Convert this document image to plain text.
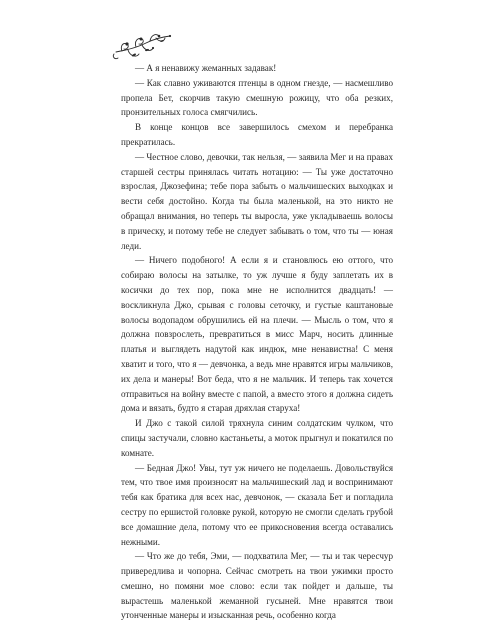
— А я ненавижу жеманных задавак!

— Как славно уживаются птенцы в одном гнезде, — насмешливо пропела Бет, скорчив такую смешную рожицу, что оба резких, пронзительных голоса смягчились.

В конце концов все завершилось смехом и перебранка прекратилась.

— Честное слово, девочки, так нельзя, — заявила Мег и на правах старшей сестры принялась читать нотацию: — Ты уже достаточно взрослая, Джозефина; тебе пора забыть о мальчишеских выходках и вести себя достойно. Когда ты была маленькой, на это никто не обращал внимания, но теперь ты выросла, уже укладываешь волосы в прическу, и потому тебе не следует забывать о том, что ты — юная леди.

— Ничего подобного! А если я и становлюсь ею оттого, что собираю волосы на затылке, то уж лучше я буду заплетать их в косички до тех пор, пока мне не исполнится двадцать! — воскликнула Джо, срывая с головы сеточку, и густые каштановые волосы водопадом обрушились ей на плечи. — Мысль о том, что я должна повзрослеть, превратиться в мисс Марч, носить длинные платья и выглядеть надутой как индюк, мне ненавистна! С меня хватит и того, что я — девчонка, а ведь мне нравятся игры мальчиков, их дела и манеры! Вот беда, что я не мальчик. И теперь так хочется отправиться на войну вместе с папой, а вместо этого я должна сидеть дома и вязать, будто я старая дряхлая старуха!

И Джо с такой силой тряхнула синим солдатским чулком, что спицы застучали, словно кастаньеты, а моток прыгнул и покатился по комнате.

— Бедная Джо! Увы, тут уж ничего не поделаешь. Довольствуйся тем, что твое имя произносят на мальчишеский лад и воспринимают тебя как братика для всех нас, девчонок, — сказала Бет и погладила сестру по ершистой головке рукой, которую не смогли сделать грубой все домашние дела, потому что ее прикосновения всегда оставались нежными.

— Что же до тебя, Эми, — подхватила Мег, — ты и так чересчур привередлива и чопорна. Сейчас смотреть на твои ужимки просто смешно, но помяни мое слово: если так пойдет и дальше, ты вырастешь маленькой жеманной гусыней. Мне нравятся твои утонченные манеры и изысканная речь, особенно когда
